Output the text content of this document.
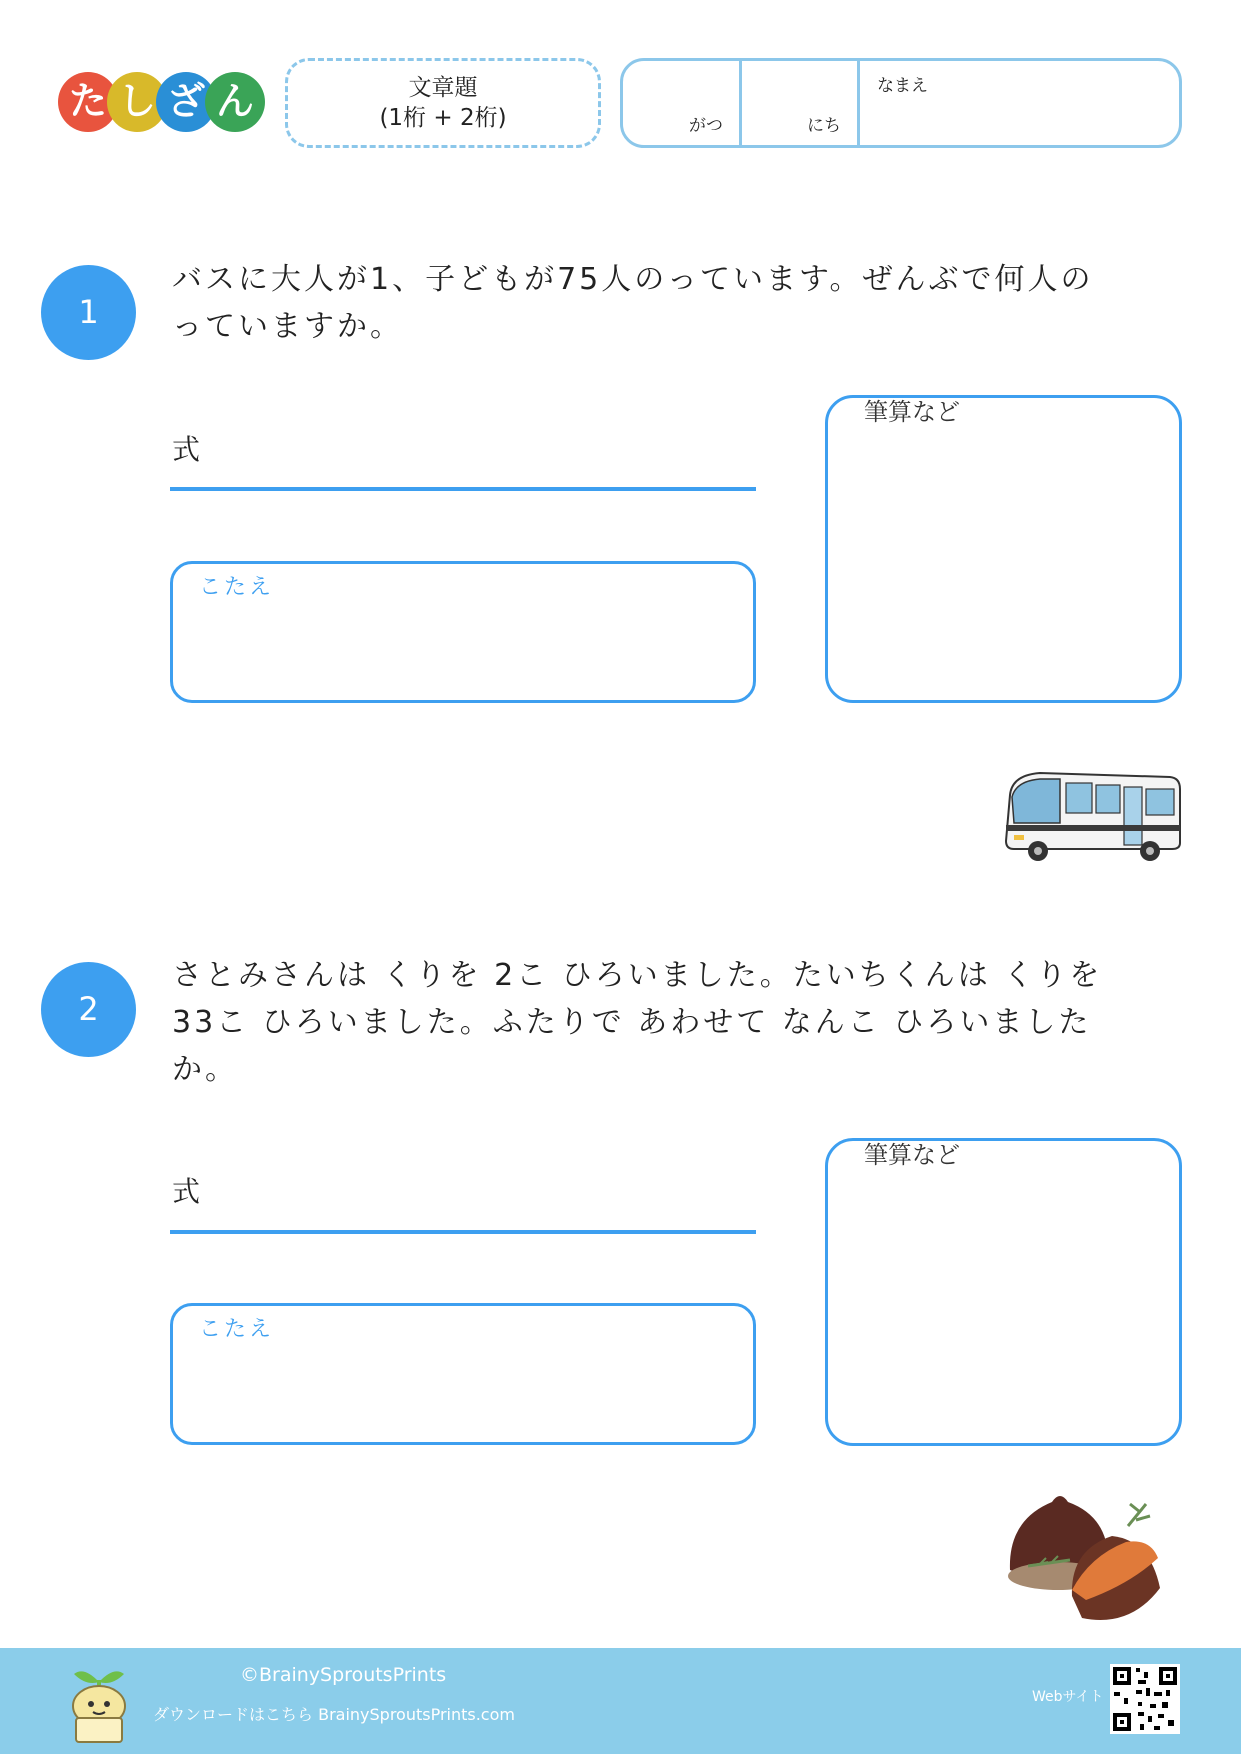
た し ざ ん	文章題
(1桁 + 2桁)	がつ	にち
なまえ
1
バスに大人が1、子どもが75人のっています。ぜんぶで何人の
っていますか。
式
こたえ
筆算など
2
さとみさんは くりを 2こ ひろいました。たいちくんは くりを
33こ ひろいました。ふたりで あわせて なんこ ひろいました
か。
式
こたえ
筆算など
©BrainySproutsPrints
ダウンロードはこちら BrainySproutsPrints.com
Webサイト
